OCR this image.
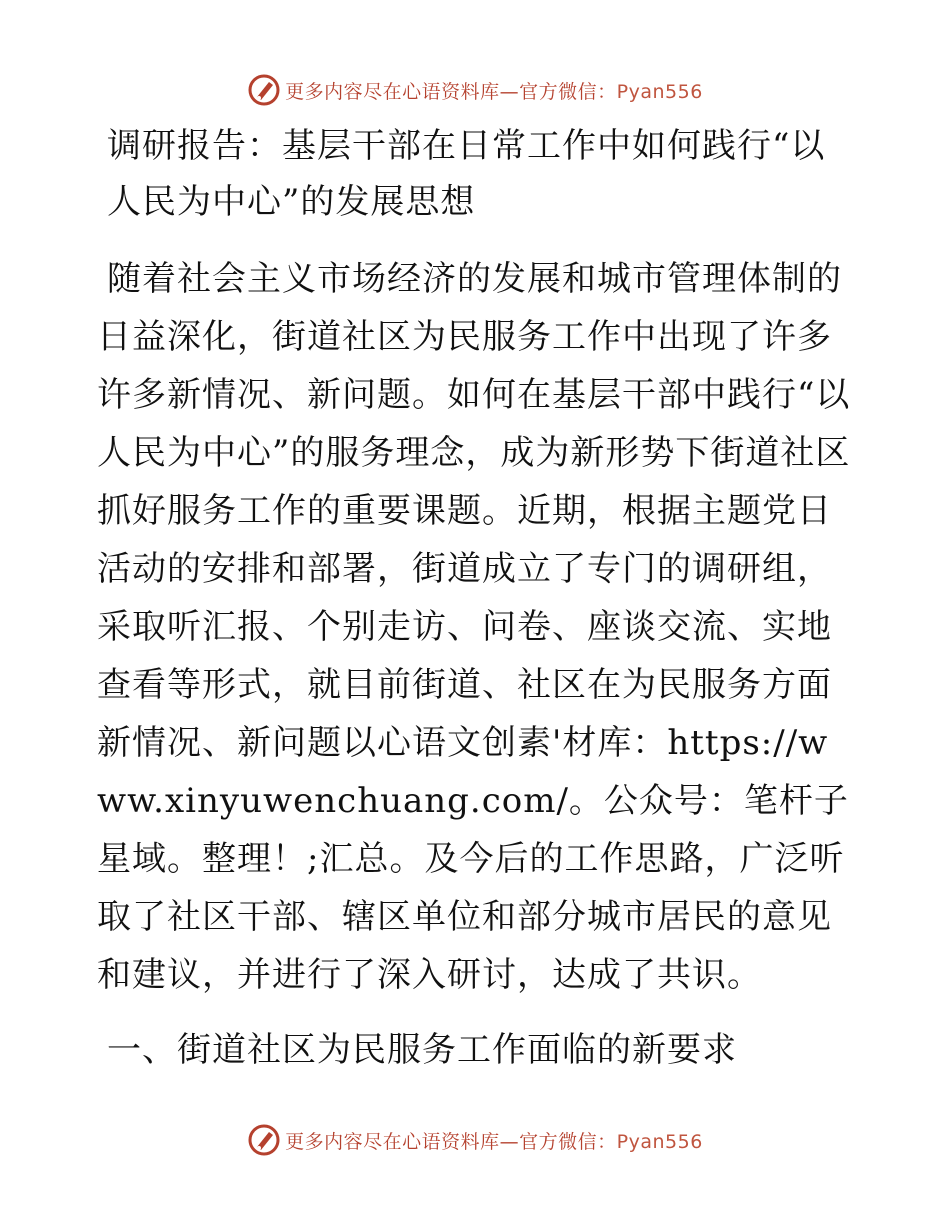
更多内容尽在心语资料库—官方微信：Pyan556
调研报告：基层干部在日常工作中如何践行“以人民为中心”的发展思想

随着社会主义市场经济的发展和城市管理体制的日益深化，街道社区为民服务工作中出现了许多许多新情况、新问题。如何在基层干部中践行“以人民为中心”的服务理念，成为新形势下街道社区抓好服务工作的重要课题。近期，根据主题党日活动的安排和部署，街道成立了专门的调研组，采取听汇报、个别走访、问卷、座谈交流、实地查看等形式，就目前街道、社区在为民服务方面新情况、新问题以心语文创素'材库：https://www.xinyuwenchuang.com/。公众号：笔杆子星域。整理！;汇总。及今后的工作思路，广泛听取了社区干部、辖区单位和部分城市居民的意见和建议，并进行了深入研讨，达成了共识。

一、街道社区为民服务工作面临的新要求
更多内容尽在心语资料库—官方微信：Pyan556
